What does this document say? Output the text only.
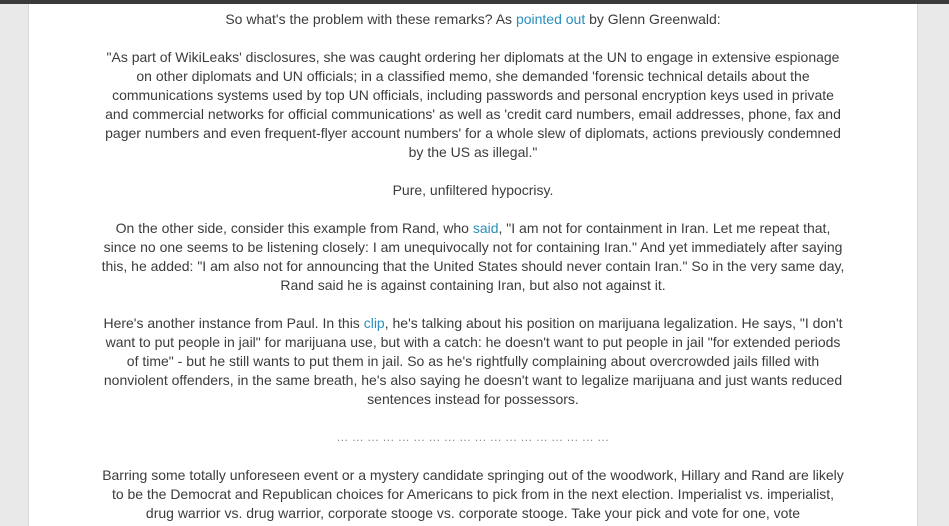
So what's the problem with these remarks? As pointed out by Glenn Greenwald:

"As part of WikiLeaks' disclosures, she was caught ordering her diplomats at the UN to engage in extensive espionage on other diplomats and UN officials; in a classified memo, she demanded 'forensic technical details about the communications systems used by top UN officials, including passwords and personal encryption keys used in private and commercial networks for official communications' as well as 'credit card numbers, email addresses, phone, fax and pager numbers and even frequent-flyer account numbers' for a whole slew of diplomats, actions previously condemned by the US as illegal."

Pure, unfiltered hypocrisy.

On the other side, consider this example from Rand, who said, "I am not for containment in Iran. Let me repeat that, since no one seems to be listening closely: I am unequivocally not for containing Iran." And yet immediately after saying this, he added: "I am also not for announcing that the United States should never contain Iran." So in the very same day, Rand said he is against containing Iran, but also not against it.

Here's another instance from Paul. In this clip, he's talking about his position on marijuana legalization. He says, "I don't want to put people in jail" for marijuana use, but with a catch: he doesn't want to put people in jail "for extended periods of time" - but he still wants to put them in jail. So as he's rightfully complaining about overcrowded jails filled with nonviolent offenders, in the same breath, he's also saying he doesn't want to legalize marijuana and just wants reduced sentences instead for possessors.

... ... ... ... ... ... ... ... ... ... ... ... ... ... ... ... ... ...

Barring some totally unforeseen event or a mystery candidate springing out of the woodwork, Hillary and Rand are likely to be the Democrat and Republican choices for Americans to pick from in the next election. Imperialist vs. imperialist, drug warrior vs. drug warrior, corporate stooge vs. corporate stooge. Take your pick and vote for one, vote
